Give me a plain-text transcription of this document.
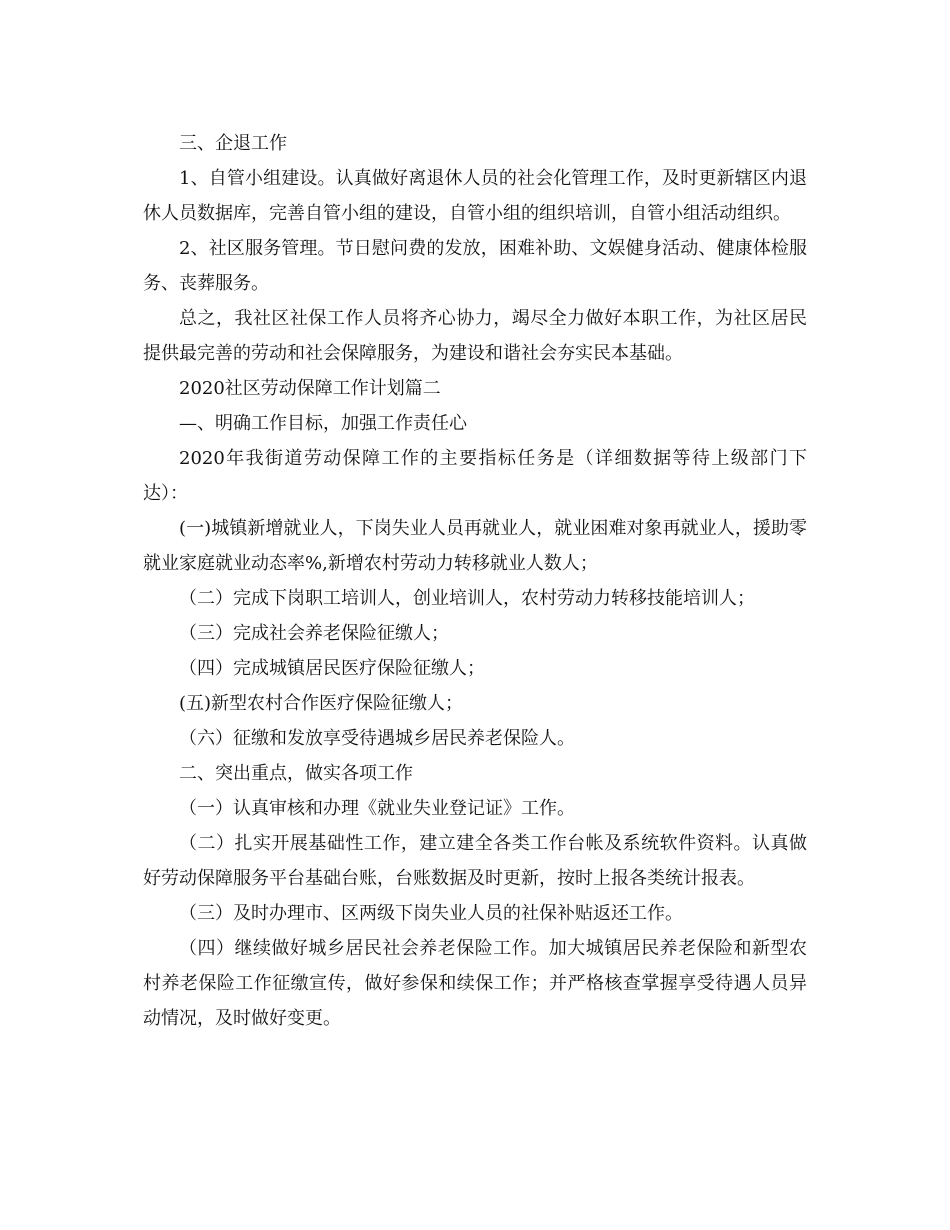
三、企退工作

1、自管小组建设。认真做好离退休人员的社会化管理工作，及时更新辖区内退休人员数据库，完善自管小组的建设，自管小组的组织培训，自管小组活动组织。

2、社区服务管理。节日慰问费的发放，困难补助、文娱健身活动、健康体检服务、丧葬服务。

总之，我社区社保工作人员将齐心协力，竭尽全力做好本职工作，为社区居民提供最完善的劳动和社会保障服务，为建设和谐社会夯实民本基础。

2020社区劳动保障工作计划篇二

—、明确工作目标，加强工作责任心

2020年我街道劳动保障工作的主要指标任务是（详细数据等待上级部门下达）：

(一)城镇新增就业人，下岗失业人员再就业人，就业困难对象再就业人，援助零就业家庭就业动态率%,新增农村劳动力转移就业人数人；

（二）完成下岗职工培训人，创业培训人，农村劳动力转移技能培训人；

（三）完成社会养老保险征缴人；

（四）完成城镇居民医疗保险征缴人；

(五)新型农村合作医疗保险征缴人；

（六）征缴和发放享受待遇城乡居民养老保险人。

二、突出重点，做实各项工作

（一）认真审核和办理《就业失业登记证》工作。

（二）扎实开展基础性工作，建立建全各类工作台帐及系统软件资料。认真做好劳动保障服务平台基础台账，台账数据及时更新，按时上报各类统计报表。

（三）及时办理市、区两级下岗失业人员的社保补贴返还工作。

（四）继续做好城乡居民社会养老保险工作。加大城镇居民养老保险和新型农村养老保险工作征缴宣传，做好参保和续保工作；并严格核查掌握享受待遇人员异动情况，及时做好变更。
